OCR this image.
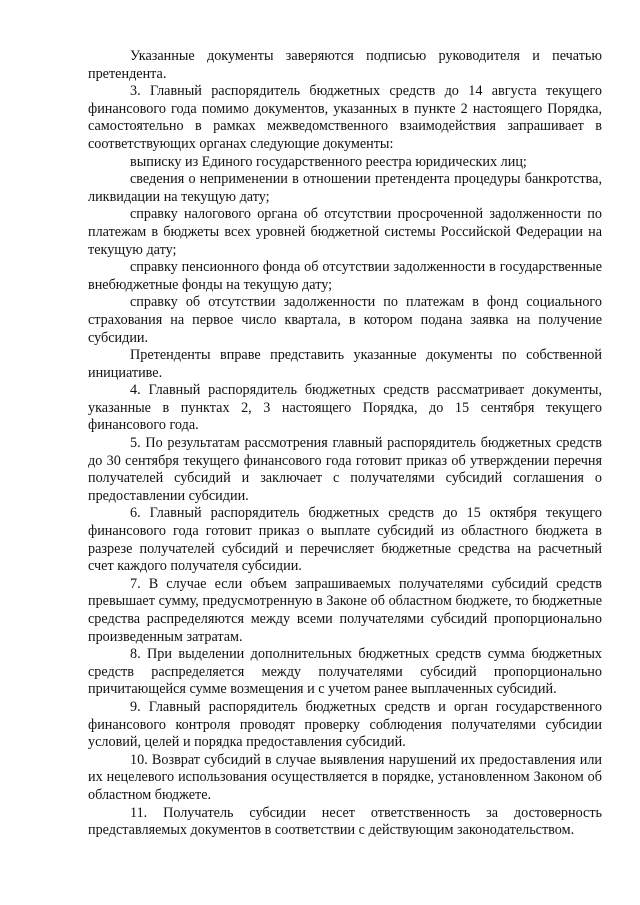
Указанные документы заверяются подписью руководителя и печатью претендента.

3. Главный распорядитель бюджетных средств до 14 августа текущего финансового года помимо документов, указанных в пункте 2 настоящего Порядка, самостоятельно в рамках межведомственного взаимодействия запрашивает в соответствующих органах следующие документы:

выписку из Единого государственного реестра юридических лиц;

сведения о неприменении в отношении претендента процедуры банкротства, ликвидации на текущую дату;

справку налогового органа об отсутствии просроченной задолженности по платежам в бюджеты всех уровней бюджетной системы Российской Федерации на текущую дату;

справку пенсионного фонда об отсутствии задолженности в государственные внебюджетные фонды на текущую дату;

справку об отсутствии задолженности по платежам в фонд социального страхования на первое число квартала, в котором подана заявка на получение субсидии.

Претенденты вправе представить указанные документы по собственной инициативе.

4. Главный распорядитель бюджетных средств рассматривает документы, указанные в пунктах 2, 3 настоящего Порядка, до 15 сентября текущего финансового года.

5. По результатам рассмотрения главный распорядитель бюджетных средств до 30 сентября текущего финансового года готовит приказ об утверждении перечня получателей субсидий и заключает с получателями субсидий соглашения о предоставлении субсидии.

6. Главный распорядитель бюджетных средств до 15 октября текущего финансового года готовит приказ о выплате субсидий из областного бюджета в разрезе получателей субсидий и перечисляет бюджетные средства на расчетный счет каждого получателя субсидии.

7. В случае если объем запрашиваемых получателями субсидий средств превышает сумму, предусмотренную в Законе об областном бюджете, то бюджетные средства распределяются между всеми получателями субсидий пропорционально произведенным затратам.

8. При выделении дополнительных бюджетных средств сумма бюджетных средств распределяется между получателями субсидий пропорционально причитающейся сумме возмещения и с учетом ранее выплаченных субсидий.

9. Главный распорядитель бюджетных средств и орган государственного финансового контроля проводят проверку соблюдения получателями субсидии условий, целей и порядка предоставления субсидий.

10. Возврат субсидий в случае выявления нарушений их предоставления или их нецелевого использования осуществляется в порядке, установленном Законом об областном бюджете.

11. Получатель субсидии несет ответственность за достоверность представляемых документов в соответствии с действующим законодательством.
